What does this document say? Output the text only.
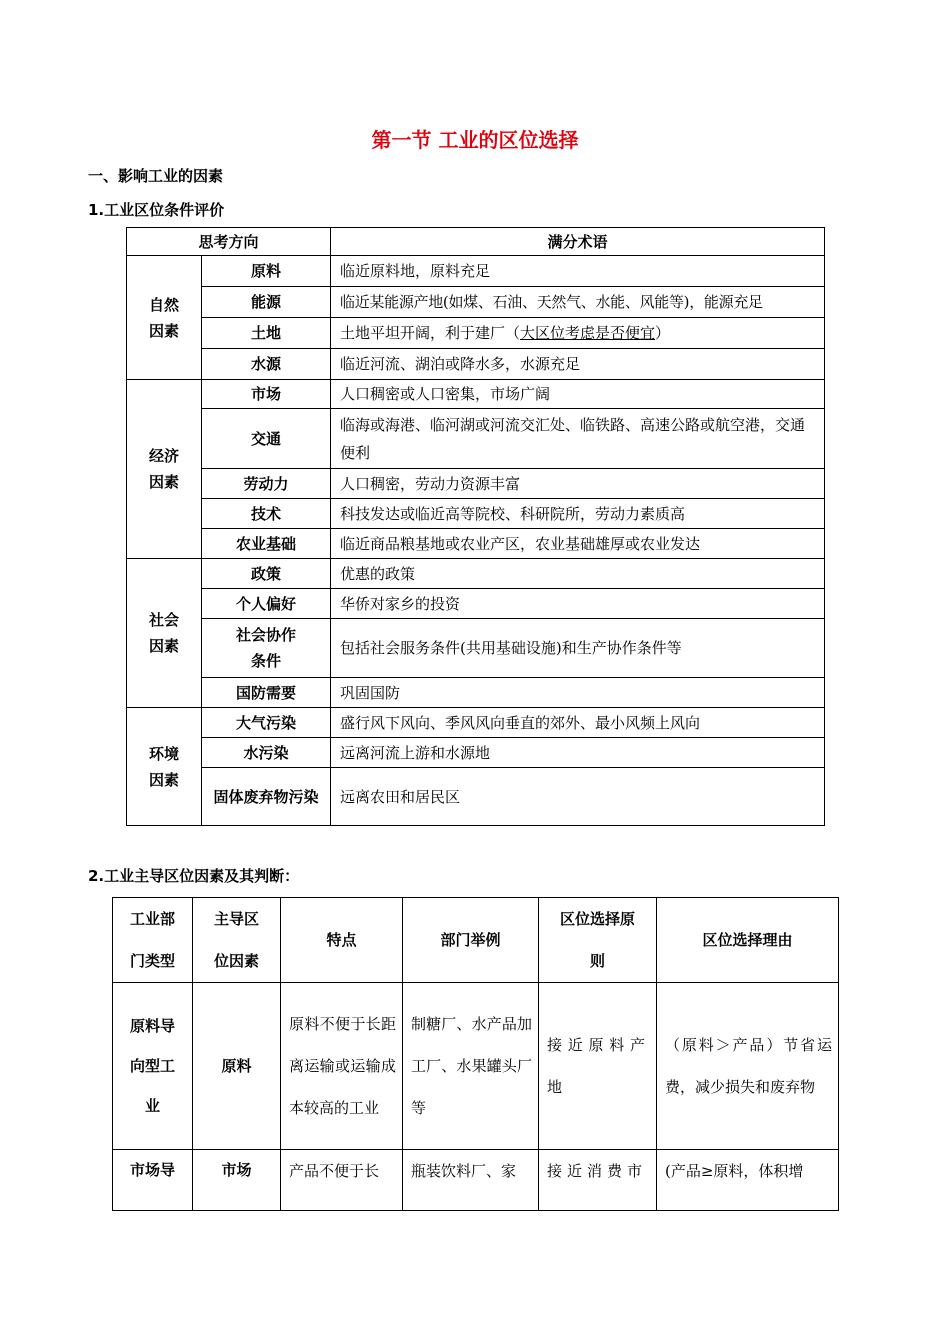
第一节 工业的区位选择
一、影响工业的因素
1.工业区位条件评价
思考方向		满分术语
自然因素	原料	临近原料地，原料充足
	能源	临近某能源产地(如煤、石油、天然气、水能、风能等)，能源充足
	土地	土地平坦开阔，利于建厂（大区位考虑是否便宜）
	水源	临近河流、湖泊或降水多，水源充足
经济因素	市场	人口稠密或人口密集，市场广阔
	交通	临海或海港、临河湖或河流交汇处、临铁路、高速公路或航空港，交通便利
	劳动力	人口稠密，劳动力资源丰富
	技术	科技发达或临近高等院校、科研院所，劳动力素质高
	农业基础	临近商品粮基地或农业产区，农业基础雄厚或农业发达
社会因素	政策	优惠的政策
	个人偏好	华侨对家乡的投资
	社会协作条件	包括社会服务条件(共用基础设施)和生产协作条件等
	国防需要	巩固国防
环境因素	大气污染	盛行风下风向、季风风向垂直的郊外、最小风频上风向
	水污染	远离河流上游和水源地
	固体废弃物污染	远离农田和居民区
2.工业主导区位因素及其判断：
工业部门类型	主导区位因素	特点	部门举例	区位选择原则	区位选择理由
原料导向型工业	原料	原料不便于长距离运输或运输成本较高的工业	制糖厂、水产品加工厂、水果罐头厂等	接近原料产地	（原料＞产品）节省运费，减少损失和废弃物

市场导	市场	产品不便于长	瓶装饮料厂、家	接近消费市	(产品≥原料，体积增
